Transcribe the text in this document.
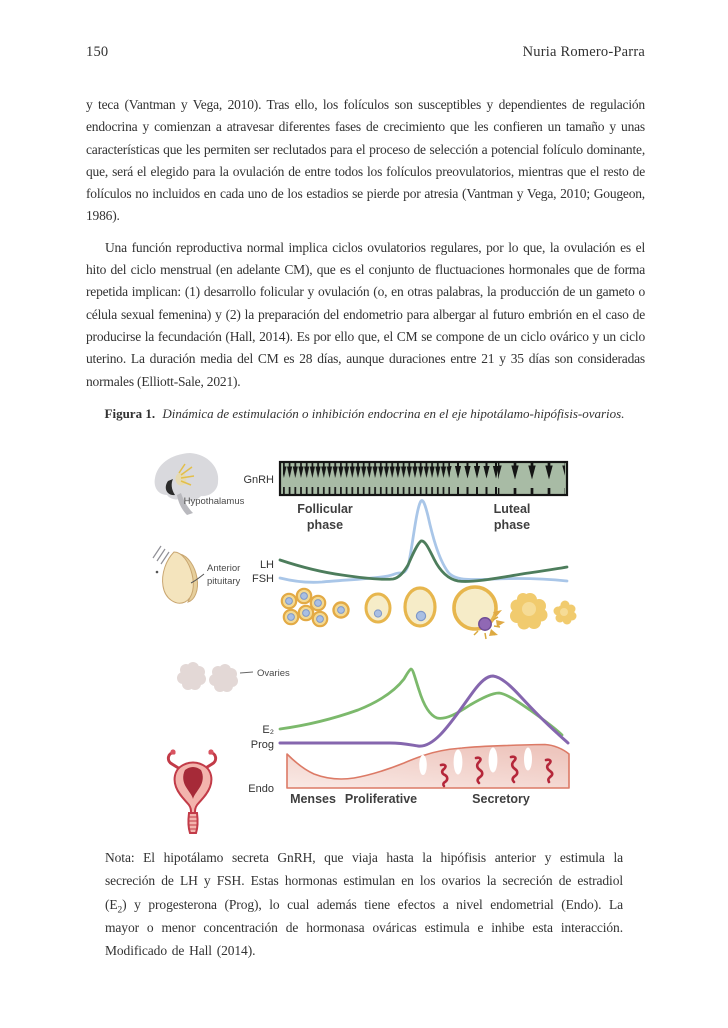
150	Nuria Romero-Parra

y teca (Vantman y Vega, 2010). Tras ello, los folículos son susceptibles y dependientes de regulación endocrina y comienzan a atravesar diferentes fases de crecimiento que les confieren un tamaño y unas características que les permiten ser reclutados para el proceso de selección a potencial folículo dominante, que, será el elegido para la ovulación de entre todos los folículos preovulatorios, mientras que el resto de folículos no incluidos en cada uno de los estadios se pierde por atresia (Vantman y Vega, 2010; Gougeon, 1986).

Una función reproductiva normal implica ciclos ovulatorios regulares, por lo que, la ovulación es el hito del ciclo menstrual (en adelante CM), que es el conjunto de fluctuaciones hormonales que de forma repetida implican: (1) desarrollo folicular y ovulación (o, en otras palabras, la producción de un gameto o célula sexual femenina) y (2) la preparación del endometrio para albergar al futuro embrión en el caso de producirse la fecundación (Hall, 2014). Es por ello que, el CM se compone de un ciclo ovárico y un ciclo uterino. La duración media del CM es 28 días, aunque duraciones entre 21 y 35 días son consideradas normales (Elliott-Sale, 2021).

Figura 1. Dinámica de estimulación o inhibición endocrina en el eje hipotálamo-hipófisis-ovarios.
Hypothalamus
Anterior
pituitary
GnRH
Follicular
phase
Luteal
phase
LH
FSH
Ovaries
E₂
Prog
Endo
Menses Proliferative	Secretory

Nota: El hipotálamo secreta GnRH, que viaja hasta la hipófisis anterior y estimula la secreción de LH y FSH. Estas hormonas estimulan en los ovarios la secreción de estradiol $(E_2)$ y progesterona (Prog), lo cual además tiene efectos a nivel endometrial (Endo). La mayor o menor concentración de hormonasa ováricas estimula e inhibe esta interacción. Modificado de Hall (2014).
